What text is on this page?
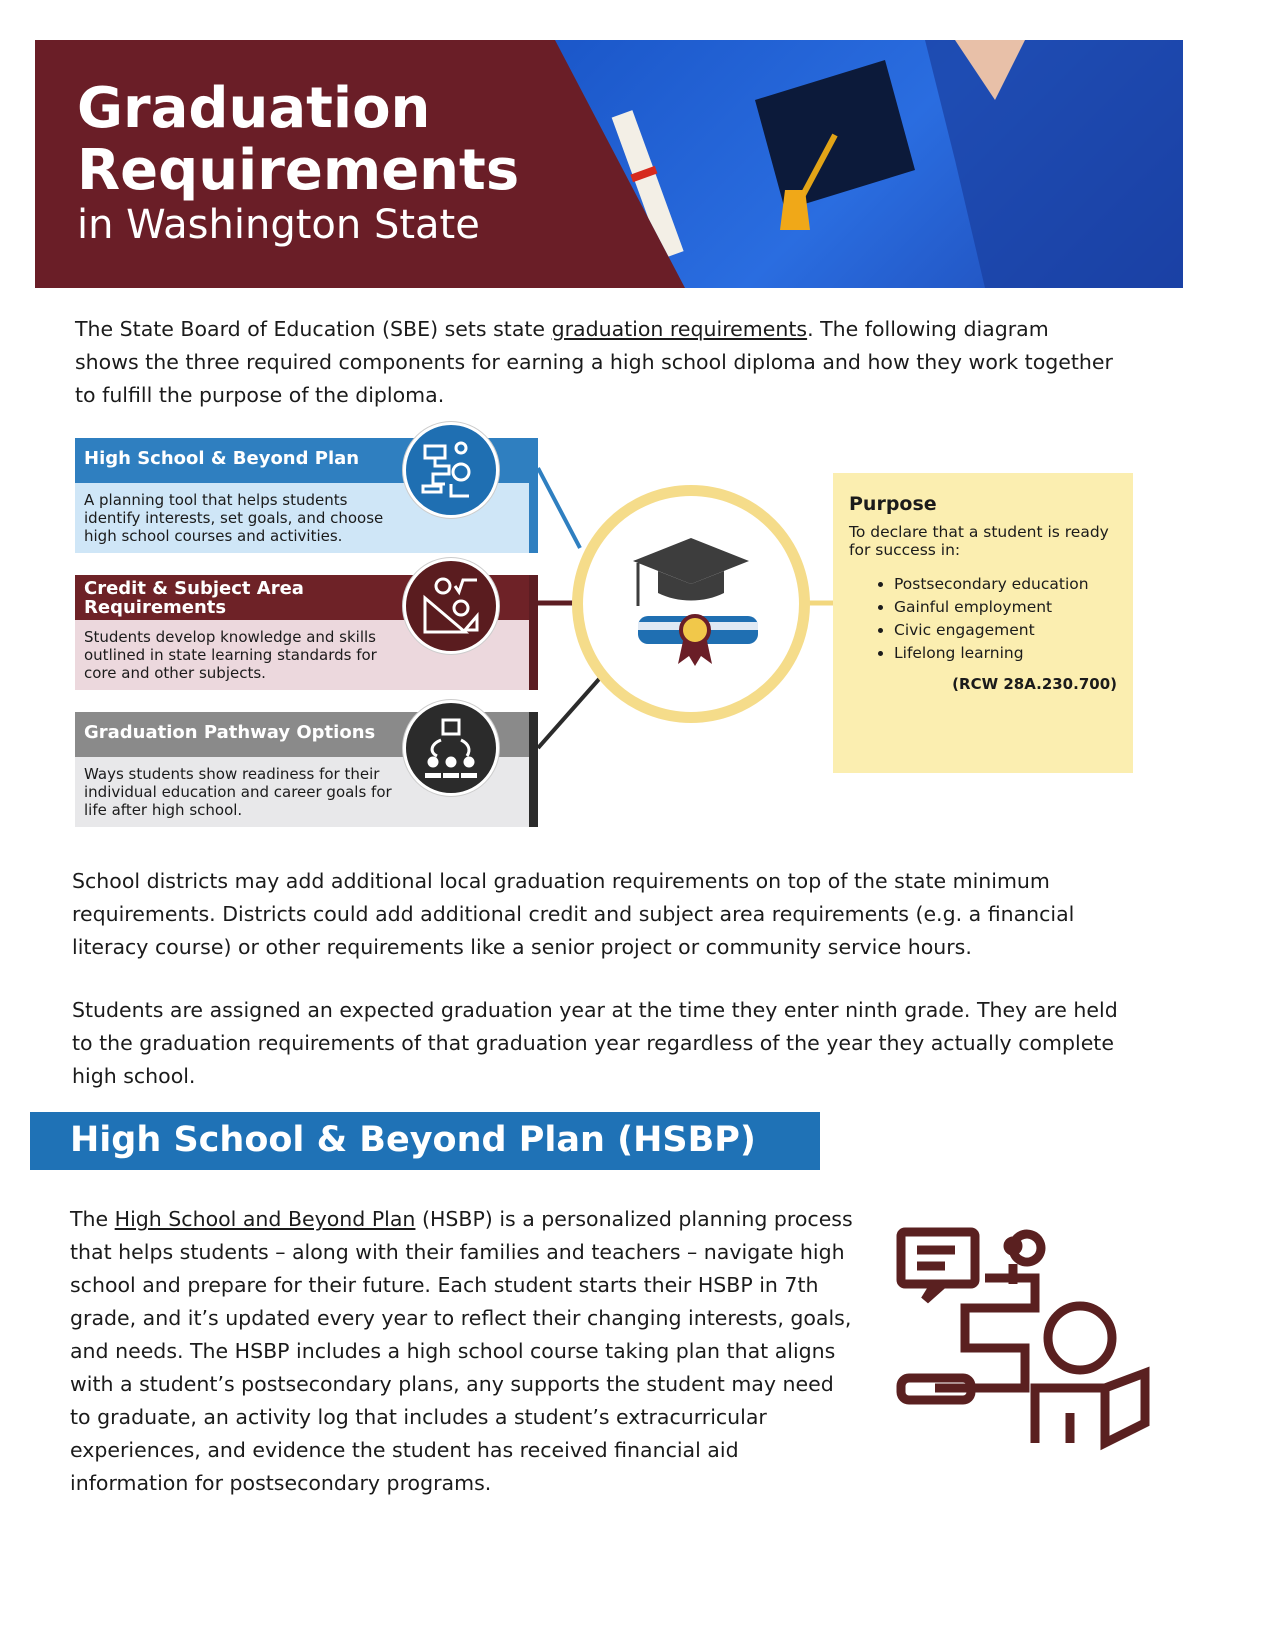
Graduation
Requirements
in Washington State

The State Board of Education (SBE) sets state graduation requirements. The following diagram shows the three required components for earning a high school diploma and how they work together to fulfill the purpose of the diploma.

High School & Beyond Plan
A planning tool that helps students identify interests, set goals, and choose high school courses and activities.
Credit & Subject Area Requirements
Students develop knowledge and skills outlined in state learning standards for core and other subjects.
Graduation Pathway Options
Ways students show readiness for their individual education and career goals for life after high school.
Purpose
To declare that a student is ready for success in:
• Postsecondary education
• Gainful employment
• Civic engagement
• Lifelong learning
(RCW 28A.230.700)

School districts may add additional local graduation requirements on top of the state minimum requirements. Districts could add additional credit and subject area requirements (e.g. a financial literacy course) or other requirements like a senior project or community service hours.

Students are assigned an expected graduation year at the time they enter ninth grade. They are held to the graduation requirements of that graduation year regardless of the year they actually complete high school.

High School & Beyond Plan (HSBP)

The High School and Beyond Plan (HSBP) is a personalized planning process that helps students – along with their families and teachers – navigate high school and prepare for their future. Each student starts their HSBP in 7th grade, and it’s updated every year to reflect their changing interests, goals, and needs. The HSBP includes a high school course taking plan that aligns with a student’s postsecondary plans, any supports the student may need to graduate, an activity log that includes a student’s extracurricular experiences, and evidence the student has received financial aid information for postsecondary programs.
